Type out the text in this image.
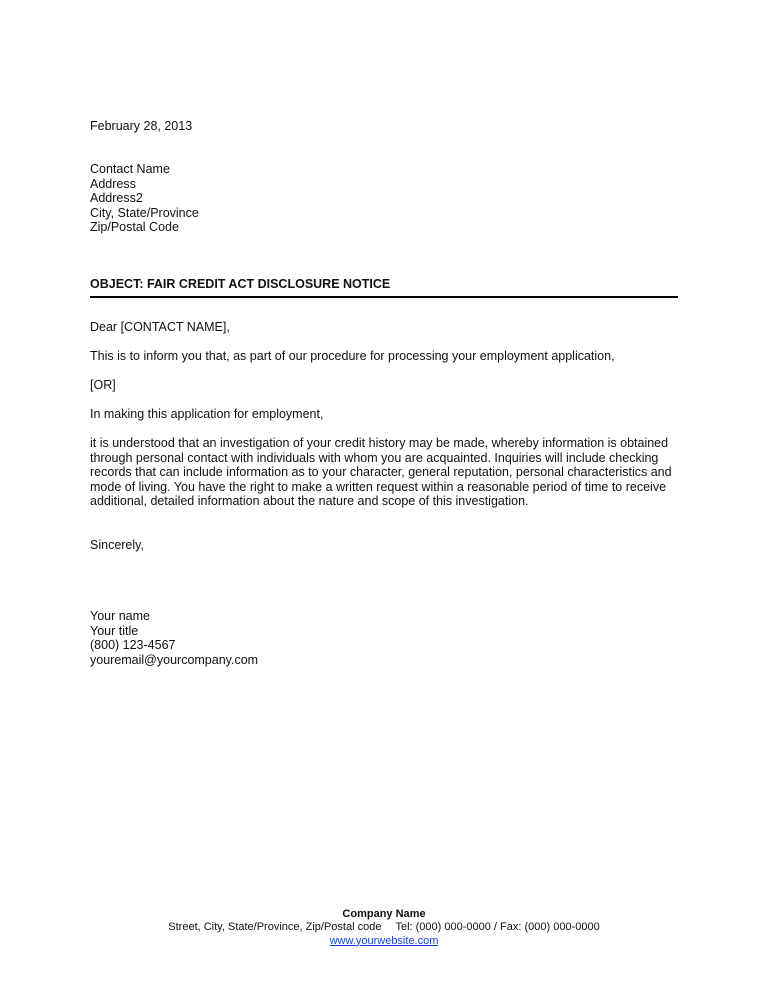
February 28, 2013
Contact Name
Address
Address2
City, State/Province
Zip/Postal Code
OBJECT: FAIR CREDIT ACT DISCLOSURE NOTICE
Dear [CONTACT NAME],
This is to inform you that, as part of our procedure for processing your employment application,
[OR]
In making this application for employment,
it is understood that an investigation of your credit history may be made, whereby information is obtained
through personal contact with individuals with whom you are acquainted. Inquiries will include checking
records that can include information as to your character, general reputation, personal characteristics and
mode of living. You have the right to make a written request within a reasonable period of time to receive
additional, detailed information about the nature and scope of this investigation.
Sincerely,
Your name
Your title
(800) 123-4567
youremail@yourcompany.com
Company Name
Street, City, State/Province, Zip/Postal code Tel: (000) 000-0000 / Fax: (000) 000-0000
www.yourwebsite.com
